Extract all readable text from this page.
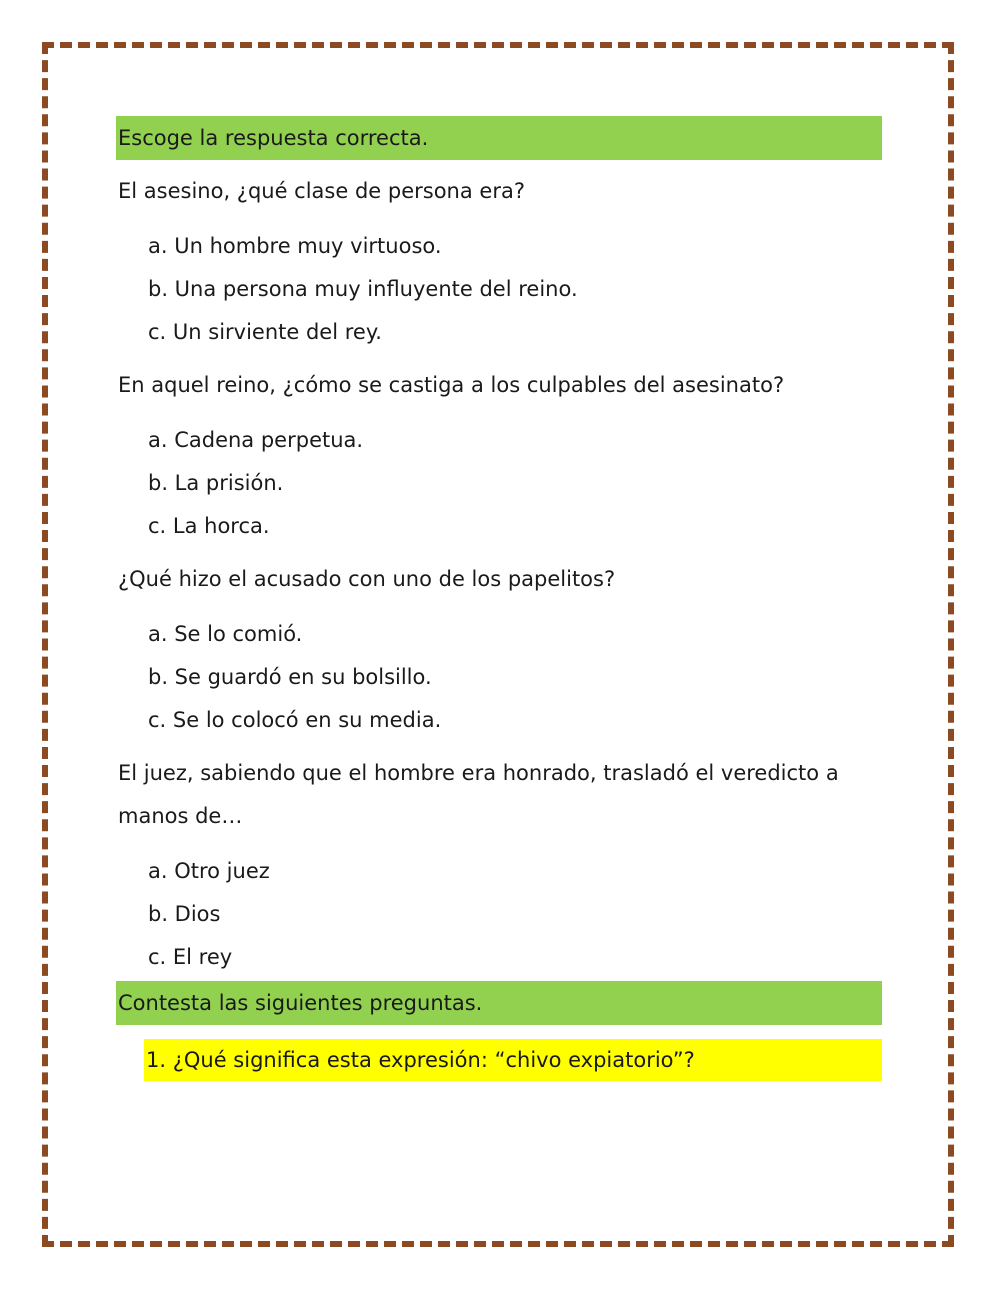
Escoge la respuesta correcta.
El asesino, ¿qué clase de persona era?
a. Un hombre muy virtuoso.
b. Una persona muy influyente del reino.
c. Un sirviente del rey.
En aquel reino, ¿cómo se castiga a los culpables del asesinato?
a. Cadena perpetua.
b. La prisión.
c. La horca.
¿Qué hizo el acusado con uno de los papelitos?
a. Se lo comió.
b. Se guardó en su bolsillo.
c. Se lo colocó en su media.
El juez, sabiendo que el hombre era honrado, trasladó el veredicto a manos de…
a. Otro juez
b. Dios
c. El rey
Contesta las siguientes preguntas.
1. ¿Qué significa esta expresión: “chivo expiatorio”?
